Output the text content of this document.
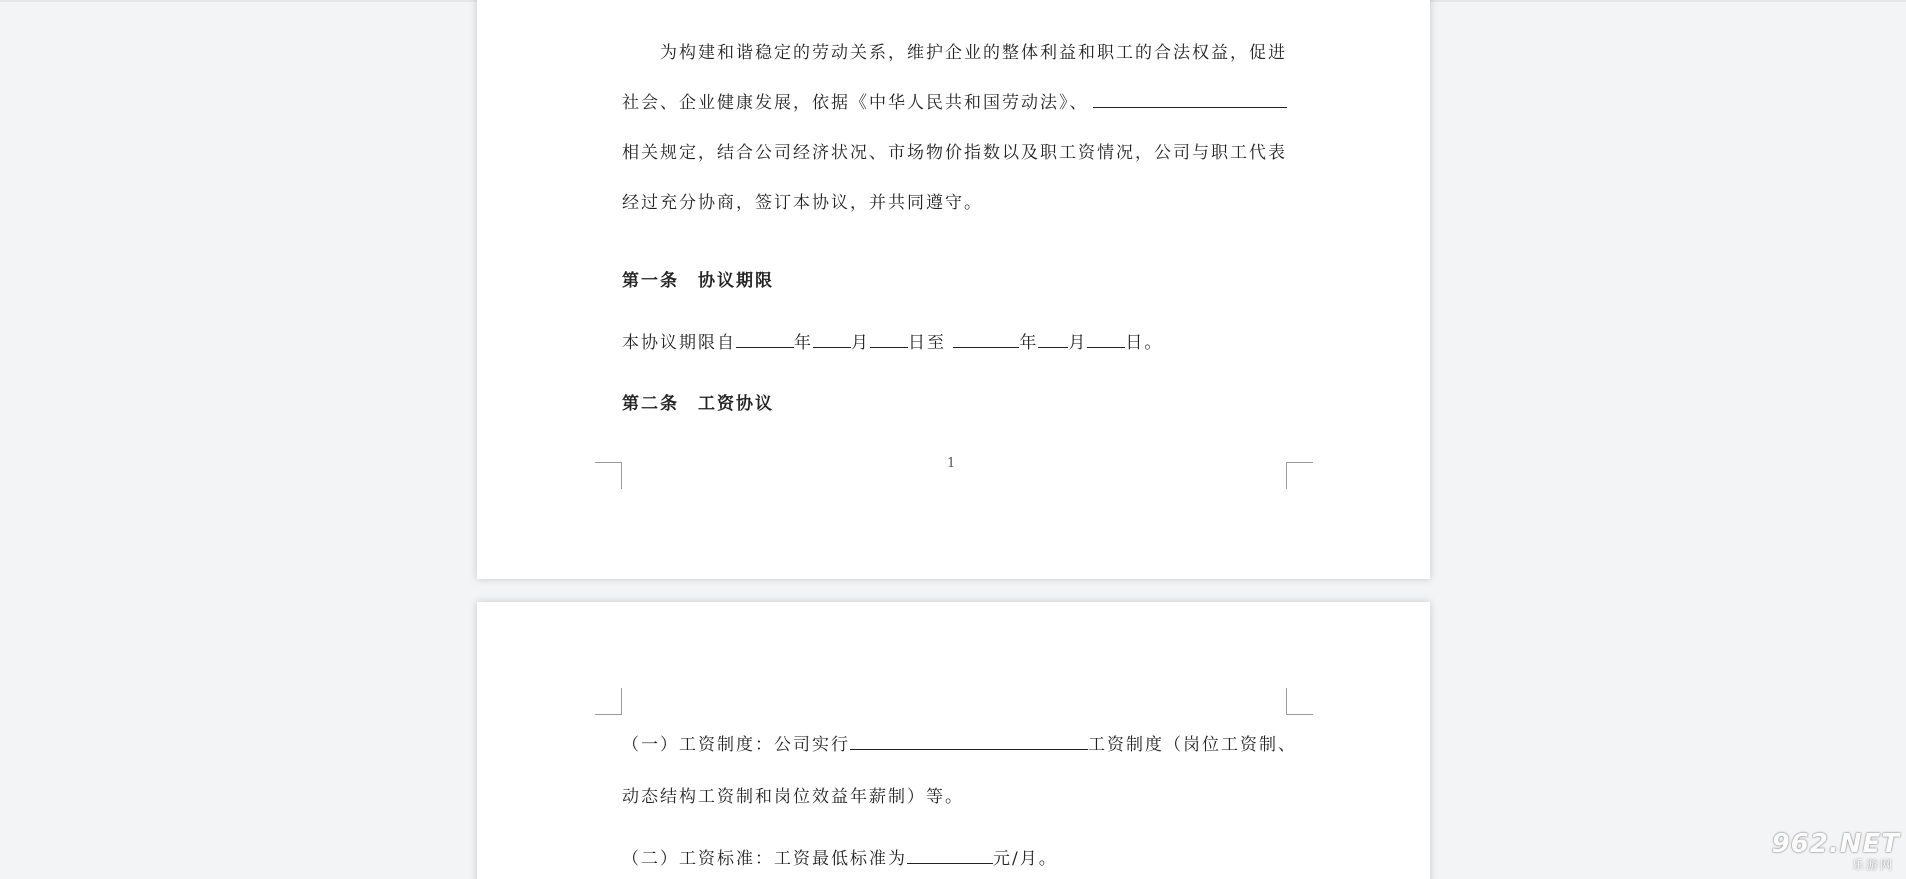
　　为构建和谐稳定的劳动关系，维护企业的整体利益和职工的合法权益，促进
社会、企业健康发展，依据《中华人民共和国劳动法》、
相关规定，结合公司经济状况、市场物价指数以及职工资情况，公司与职工代表
经过充分协商，签订本协议，并共同遵守。
第一条　协议期限
本协议期限自	年 月 日至	年 月 日。
第二条　工资协议
1
（一）工资制度：公司实行	工资制度（岗位工资制、
动态结构工资制和岗位效益年薪制）等。
（二）工资标准：工资最低标准为	元/月。	962.NET
乐游网
